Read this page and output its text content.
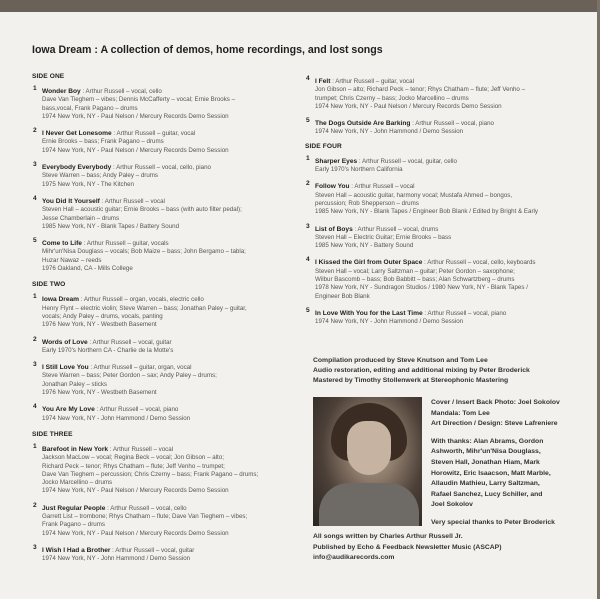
Iowa Dream : A collection of demos, home recordings, and lost songs
SIDE ONE
1 Wonder Boy : Arthur Russell – vocal, cello
Dave Van Tieghem – vibes; Dennis McCafferty – vocal; Ernie Brooks –
bass,vocal, Frank Pagano – drums
1974 New York, NY - Paul Nelson / Mercury Records Demo Session
2 I Never Get Lonesome : Arthur Russell – guitar, vocal
Ernie Brooks – bass; Frank Pagano – drums
1974 New York, NY - Paul Nelson / Mercury Records Demo Session
3 Everybody Everybody : Arthur Russell – vocal, cello, piano
Steve Warren – bass; Andy Paley – drums
1975 New York, NY - The Kitchen
4 You Did It Yourself : Arthur Russell – vocal
Steven Hall – acoustic guitar; Ernie Brooks – bass (with auto filter pedal);
Jesse Chamberlain – drums
1985 New York, NY - Blank Tapes / Battery Sound
5 Come to Life : Arthur Russell – guitar, vocals
Mihr'un'Nisa Douglass – vocals; Bob Maize – bass; John Bergamo – tabla;
Huzar Nawaz – reeds
1976 Oakland, CA - Mills College
SIDE TWO
1 Iowa Dream : Arthur Russell – organ, vocals, electric cello
Henry Flynt – electric violin; Steve Warren – bass; Jonathan Paley – guitar,
vocals; Andy Paley – drums, vocals, panting
1976 New York, NY - Westbeth Basement
2 Words of Love : Arthur Russell – vocal, guitar
Early 1970's Northern CA - Charlie de la Motte's
3 I Still Love You : Arthur Russell – guitar, organ, vocal
Steve Warren – bass; Peter Gordon – sax; Andy Paley – drums;
Jonathan Paley – sticks
1976 New York, NY - Westbeth Basement
4 You Are My Love : Arthur Russell – vocal, piano
1974 New York, NY - John Hammond / Demo Session
SIDE THREE
1 Barefoot in New York : Arthur Russell – vocal
Jackson MacLow – vocal; Regina Beck – vocal; Jon Gibson – alto;
Richard Peck – tenor; Rhys Chatham – flute; Jeff Venho – trumpet;
Dave Van Tieghem – percussion; Chris Czerny – bass; Frank Pagano – drums;
Jocko Marcellino – drums
1974 New York, NY - Paul Nelson / Mercury Records Demo Session
2 Just Regular People : Arthur Russell – vocal, cello
Garrett List – trombone; Rhys Chatham – flute; Dave Van Tieghem – vibes;
Frank Pagano – drums
1974 New York, NY - Paul Nelson / Mercury Records Demo Session
3 I Wish I Had a Brother : Arthur Russell – vocal, guitar
1974 New York, NY - John Hammond / Demo Session
4 I Felt : Arthur Russell – guitar, vocal
Jon Gibson – alto; Richard Peck – tenor; Rhys Chatham – flute; Jeff Venho –
trumpet; Chris Czerny – bass; Jocko Marcellino – drums
1974 New York, NY - Paul Nelson / Mercury Records Demo Session
5 The Dogs Outside Are Barking : Arthur Russell – vocal, piano
1974 New York, NY - John Hammond / Demo Session
SIDE FOUR
1 Sharper Eyes : Arthur Russell – vocal, guitar, cello
Early 1970's Northern California
2 Follow You : Arthur Russell – vocal
Steven Hall – acoustic guitar, harmony vocal; Mustafa Ahmed – bongos,
percussion; Rob Shepperson – drums
1985 New York, NY - Blank Tapes / Engineer Bob Blank / Edited by Bright & Early
3 List of Boys : Arthur Russell – vocal, drums
Steven Hall – Electric Guitar; Ernie Brooks – bass
1985 New York, NY - Battery Sound
4 I Kissed the Girl from Outer Space : Arthur Russell – vocal, cello, keyboards
Steven Hall – vocal; Larry Saltzman – guitar; Peter Gordon – saxophone;
Wilbur Bascomb – bass; Bob Babbitt – bass; Alan Schwartzberg – drums
1978 New York, NY - Sundragon Studios / 1980 New York, NY - Blank Tapes /
Engineer Bob Blank
5 In Love With You for the Last Time : Arthur Russell – vocal, piano
1974 New York, NY - John Hammond / Demo Session
Compilation produced by Steve Knutson and Tom Lee
Audio restoration, editing and additional mixing by Peter Broderick
Mastered by Timothy Stollenwerk at Stereophonic Mastering
Cover / Insert Back Photo: Joel Sokolov
Mandala: Tom Lee
Art Direction / Design: Steve Lafreniere
With thanks: Alan Abrams, Gordon
Ashworth, Mihr'un'Nisa Douglass,
Steven Hall, Jonathan Hiam, Mark
Horowitz, Eric Isaacson, Matt Marble,
Allaudin Mathieu, Larry Saltzman,
Rafael Sanchez, Lucy Schiller, and
Joel Sokolov
Very special thanks to Peter Broderick
All songs written by Charles Arthur Russell Jr.
Published by Echo & Feedback Newsletter Music (ASCAP)
info@audikarecords.com
